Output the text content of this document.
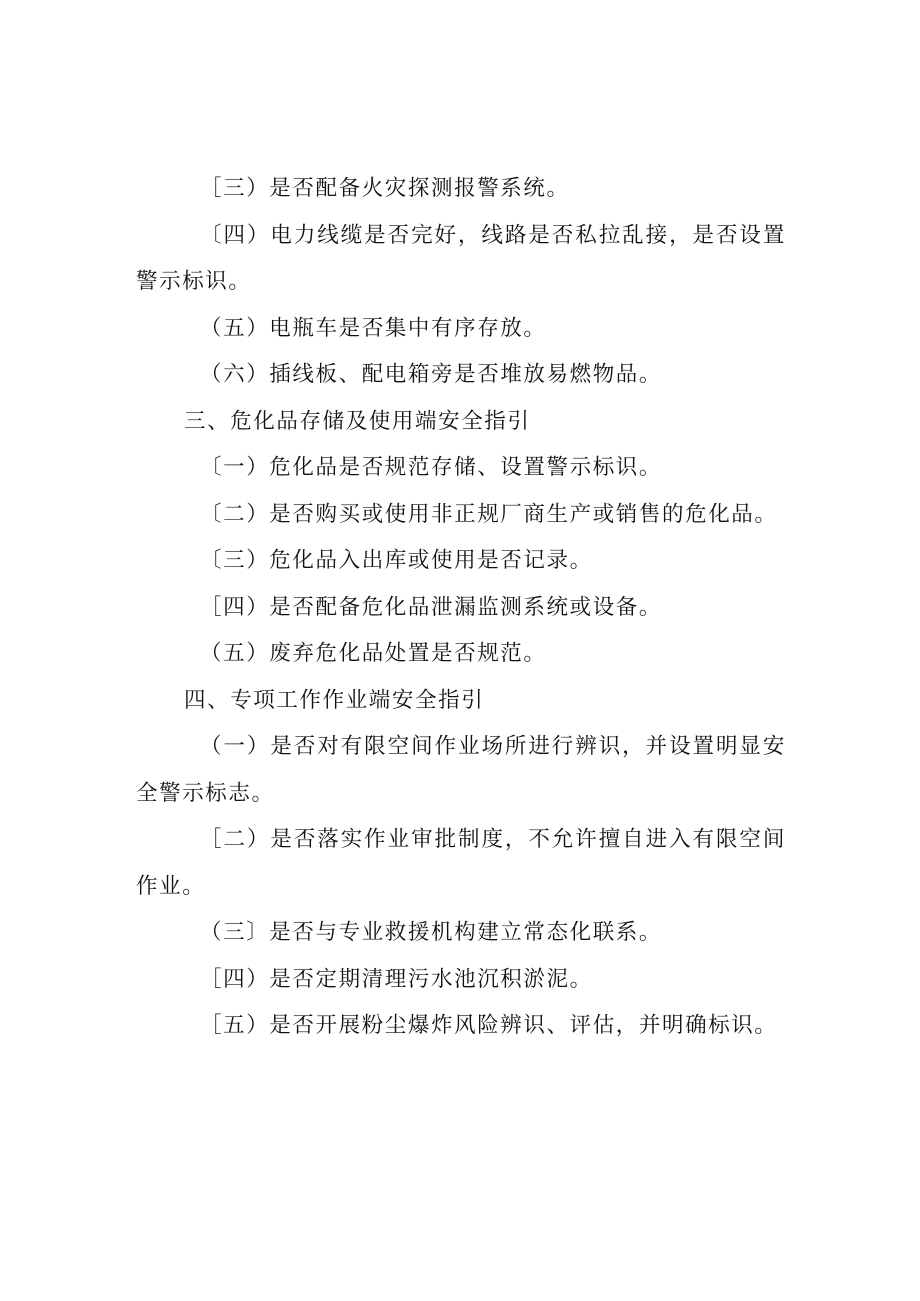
［三）是否配备火灾探测报警系统。

〔四）电力线缆是否完好，线路是否私拉乱接，是否设置警示标识。

（五）电瓶车是否集中有序存放。

（六）插线板、配电箱旁是否堆放易燃物品。

三、危化品存储及使用端安全指引

〔一）危化品是否规范存储、设置警示标识。

〔二）是否购买或使用非正规厂商生产或销售的危化品。

〔三）危化品入出库或使用是否记录。

［四）是否配备危化品泄漏监测系统或设备。

（五）废弃危化品处置是否规范。

四、专项工作作业端安全指引

（一）是否对有限空间作业场所进行辨识，并设置明显安全警示标志。

［二）是否落实作业审批制度，不允许擅自进入有限空间作业。

（三〕是否与专业救援机构建立常态化联系。

［四）是否定期清理污水池沉积淤泥。

［五）是否开展粉尘爆炸风险辨识、评估，并明确标识。
